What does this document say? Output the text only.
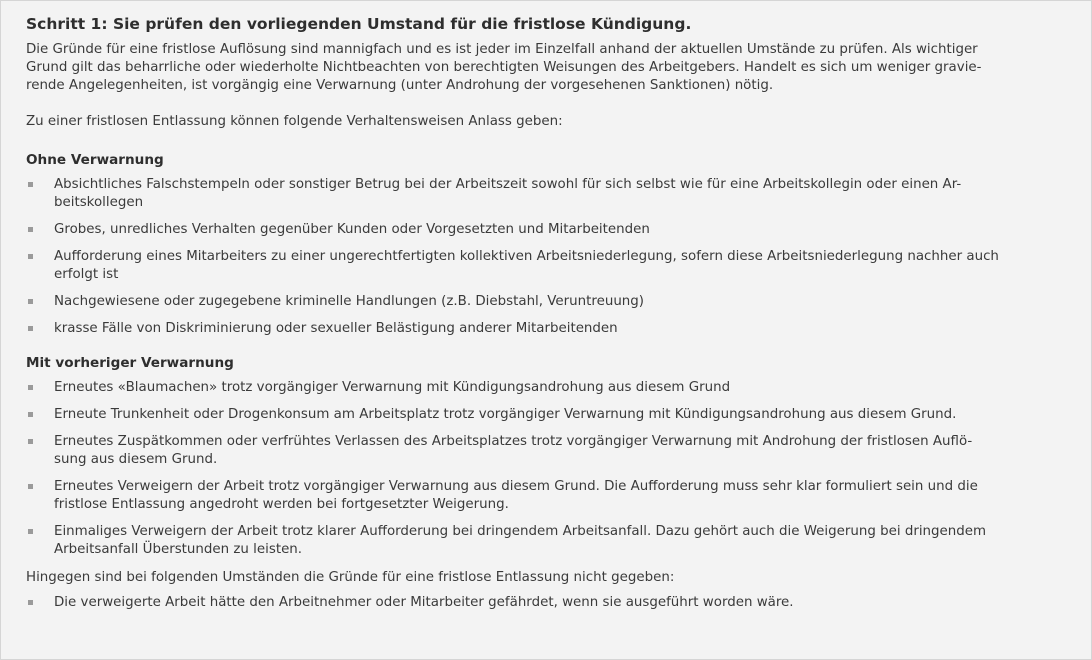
Schritt 1: Sie prüfen den vorliegenden Umstand für die fristlose Kündigung.

Die Gründe für eine fristlose Auflösung sind mannigfach und es ist jeder im Einzelfall anhand der aktuellen Umstände zu prüfen. Als wichtiger
Grund gilt das beharrliche oder wiederholte Nichtbeachten von berechtigten Weisungen des Arbeitgebers. Handelt es sich um weniger gravie-
rende Angelegenheiten, ist vorgängig eine Verwarnung (unter Androhung der vorgesehenen Sanktionen) nötig.

Zu einer fristlosen Entlassung können folgende Verhaltensweisen Anlass geben:

Ohne Verwarnung
Absichtliches Falschstempeln oder sonstiger Betrug bei der Arbeitszeit sowohl für sich selbst wie für eine Arbeitskollegin oder einen Ar-
beitskollegen
Grobes, unredliches Verhalten gegenüber Kunden oder Vorgesetzten und Mitarbeitenden
Aufforderung eines Mitarbeiters zu einer ungerechtfertigten kollektiven Arbeitsniederlegung, sofern diese Arbeitsniederlegung nachher auch
erfolgt ist
Nachgewiesene oder zugegebene kriminelle Handlungen (z.B. Diebstahl, Veruntreuung)
krasse Fälle von Diskriminierung oder sexueller Belästigung anderer Mitarbeitenden
Mit vorheriger Verwarnung
Erneutes «Blaumachen» trotz vorgängiger Verwarnung mit Kündigungsandrohung aus diesem Grund
Erneute Trunkenheit oder Drogenkonsum am Arbeitsplatz trotz vorgängiger Verwarnung mit Kündigungsandrohung aus diesem Grund.
Erneutes Zuspätkommen oder verfrühtes Verlassen des Arbeitsplatzes trotz vorgängiger Verwarnung mit Androhung der fristlosen Auflö-
sung aus diesem Grund.
Erneutes Verweigern der Arbeit trotz vorgängiger Verwarnung aus diesem Grund. Die Aufforderung muss sehr klar formuliert sein und die
fristlose Entlassung angedroht werden bei fortgesetzter Weigerung.
Einmaliges Verweigern der Arbeit trotz klarer Aufforderung bei dringendem Arbeitsanfall. Dazu gehört auch die Weigerung bei dringendem
Arbeitsanfall Überstunden zu leisten.

Hingegen sind bei folgenden Umständen die Gründe für eine fristlose Entlassung nicht gegeben:

Die verweigerte Arbeit hätte den Arbeitnehmer oder Mitarbeiter gefährdet, wenn sie ausgeführt worden wäre.
